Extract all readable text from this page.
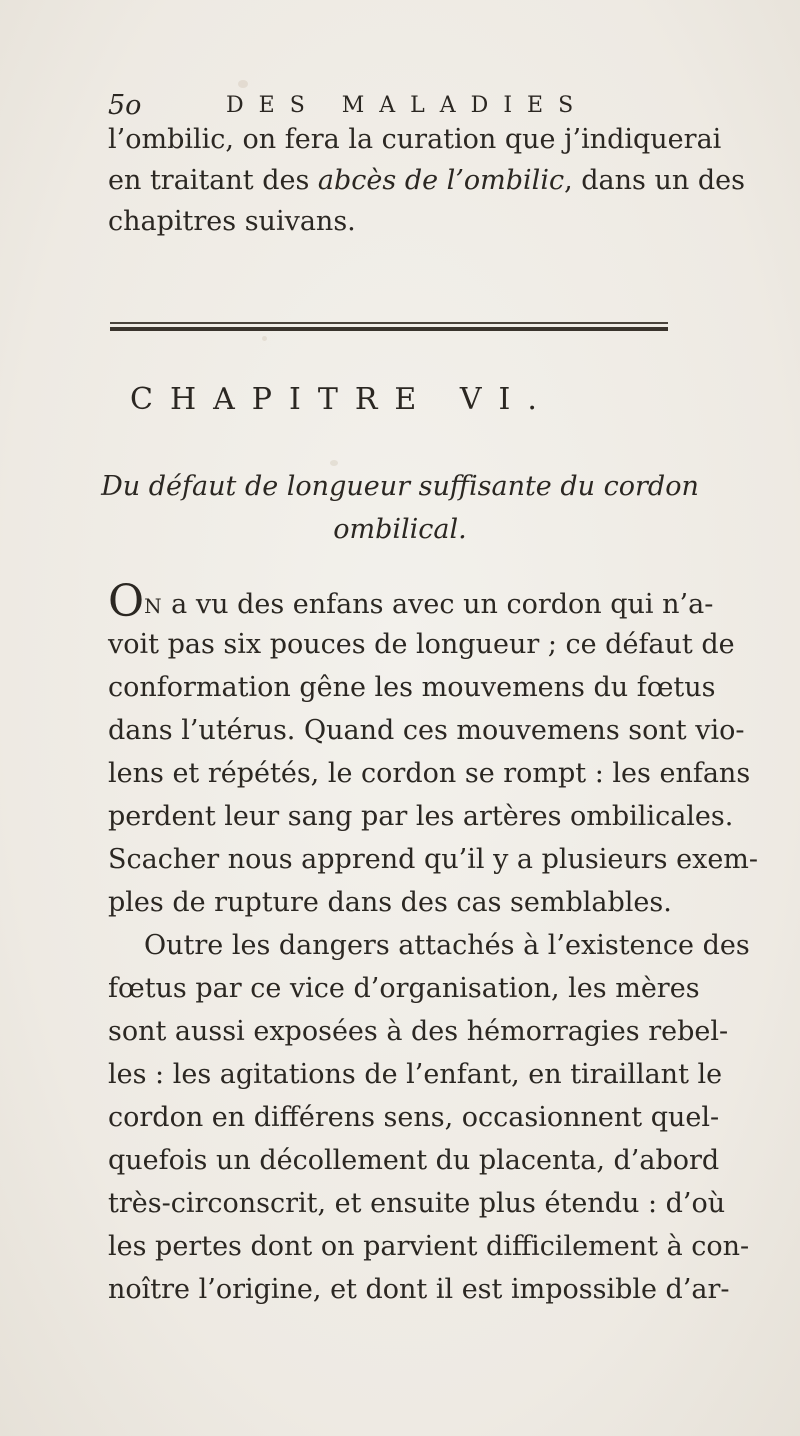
5o	DES MALADIES
l’ombilic, on fera la curation que j’indiquerai
en traitant des abcès de l’ombilic, dans un des
chapitres suivans.
CHAPITRE VI.
Du défaut de longueur suffisante du cordon
ombilical.
ON a vu des enfans avec un cordon qui n’a-
voit pas six pouces de longueur ; ce défaut de
conformation gêne les mouvemens du fœtus
dans l’utérus. Quand ces mouvemens sont vio-
lens et répétés, le cordon se rompt : les enfans
perdent leur sang par les artères ombilicales.
Scacher nous apprend qu’il y a plusieurs exem-
ples de rupture dans des cas semblables.
Outre les dangers attachés à l’existence des
fœtus par ce vice d’organisation, les mères
sont aussi exposées à des hémorragies rebel-
les : les agitations de l’enfant, en tiraillant le
cordon en différens sens, occasionnent quel-
quefois un décollement du placenta, d’abord
très-circonscrit, et ensuite plus étendu : d’où
les pertes dont on parvient difficilement à con-
noître l’origine, et dont il est impossible d’ar-
